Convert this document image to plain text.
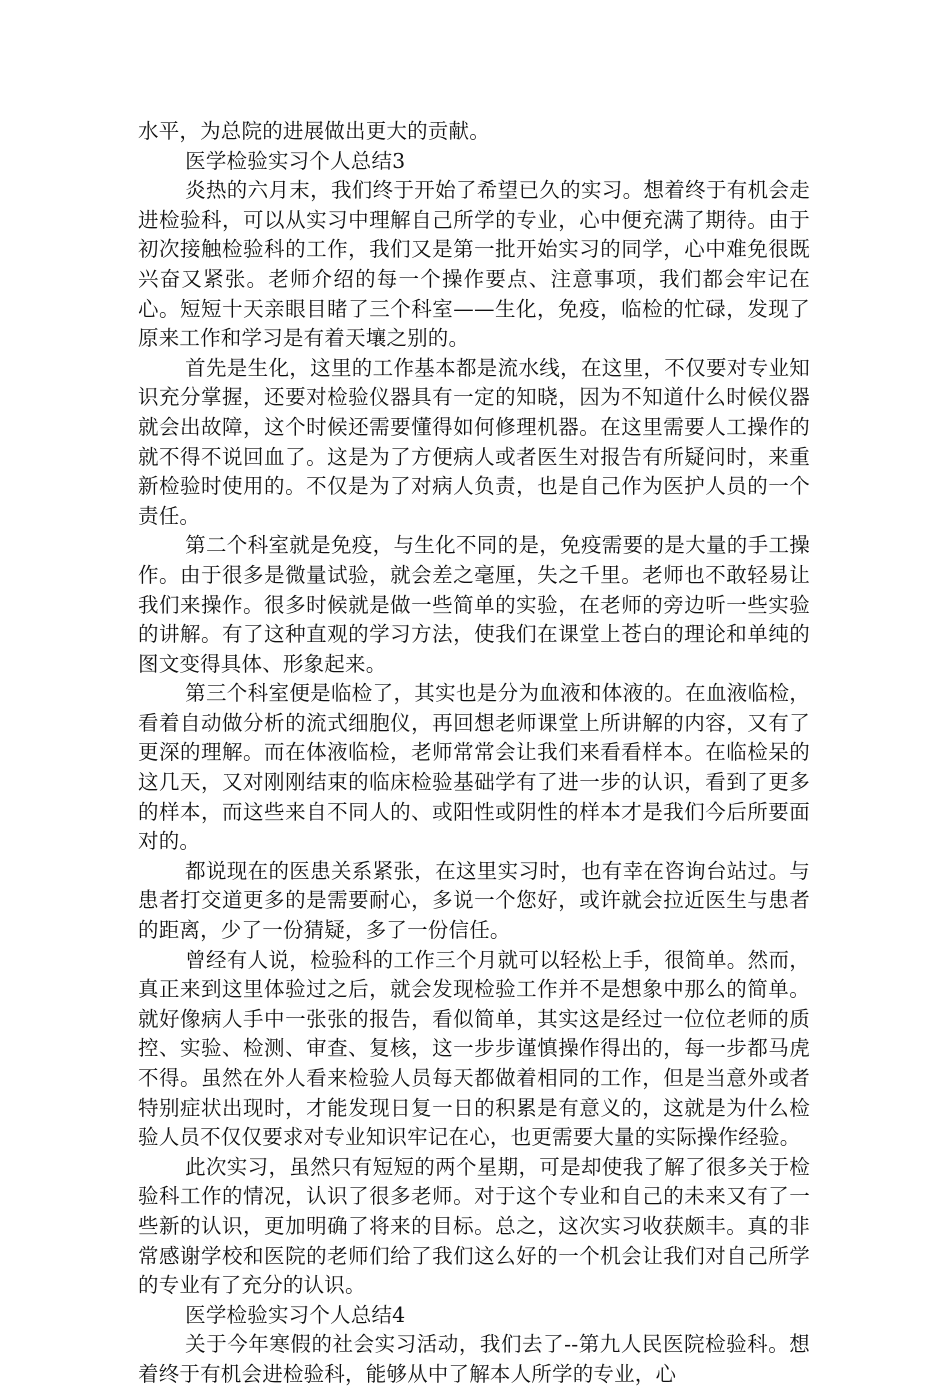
水平，为总院的进展做出更大的贡献。

医学检验实习个人总结3

炎热的六月末，我们终于开始了希望已久的实习。想着终于有机会走进检验科，可以从实习中理解自己所学的专业，心中便充满了期待。由于初次接触检验科的工作，我们又是第一批开始实习的同学，心中难免很既兴奋又紧张。老师介绍的每一个操作要点、注意事项，我们都会牢记在心。短短十天亲眼目睹了三个科室——生化，免疫，临检的忙碌，发现了原来工作和学习是有着天壤之别的。

首先是生化，这里的工作基本都是流水线，在这里，不仅要对专业知识充分掌握，还要对检验仪器具有一定的知晓，因为不知道什么时候仪器就会出故障，这个时候还需要懂得如何修理机器。在这里需要人工操作的就不得不说回血了。这是为了方便病人或者医生对报告有所疑问时，来重新检验时使用的。不仅是为了对病人负责，也是自己作为医护人员的一个责任。

第二个科室就是免疫，与生化不同的是，免疫需要的是大量的手工操作。由于很多是微量试验，就会差之毫厘，失之千里。老师也不敢轻易让我们来操作。很多时候就是做一些简单的实验，在老师的旁边听一些实验的讲解。有了这种直观的学习方法，使我们在课堂上苍白的理论和单纯的图文变得具体、形象起来。

第三个科室便是临检了，其实也是分为血液和体液的。在血液临检，看着自动做分析的流式细胞仪，再回想老师课堂上所讲解的内容，又有了更深的理解。而在体液临检，老师常常会让我们来看看样本。在临检呆的这几天，又对刚刚结束的临床检验基础学有了进一步的认识，看到了更多的样本，而这些来自不同人的、或阳性或阴性的样本才是我们今后所要面对的。

都说现在的医患关系紧张，在这里实习时，也有幸在咨询台站过。与患者打交道更多的是需要耐心，多说一个您好，或许就会拉近医生与患者的距离，少了一份猜疑，多了一份信任。

曾经有人说，检验科的工作三个月就可以轻松上手，很简单。然而，真正来到这里体验过之后，就会发现检验工作并不是想象中那么的简单。就好像病人手中一张张的报告，看似简单，其实这是经过一位位老师的质控、实验、检测、审查、复核，这一步步谨慎操作得出的，每一步都马虎不得。虽然在外人看来检验人员每天都做着相同的工作，但是当意外或者特别症状出现时，才能发现日复一日的积累是有意义的，这就是为什么检验人员不仅仅要求对专业知识牢记在心，也更需要大量的实际操作经验。

此次实习，虽然只有短短的两个星期，可是却使我了解了很多关于检验科工作的情况，认识了很多老师。对于这个专业和自己的未来又有了一些新的认识，更加明确了将来的目标。总之，这次实习收获颇丰。真的非常感谢学校和医院的老师们给了我们这么好的一个机会让我们对自己所学的专业有了充分的认识。

医学检验实习个人总结4

关于今年寒假的社会实习活动，我们去了--第九人民医院检验科。想着终于有机会进检验科，能够从中了解本人所学的专业，心
